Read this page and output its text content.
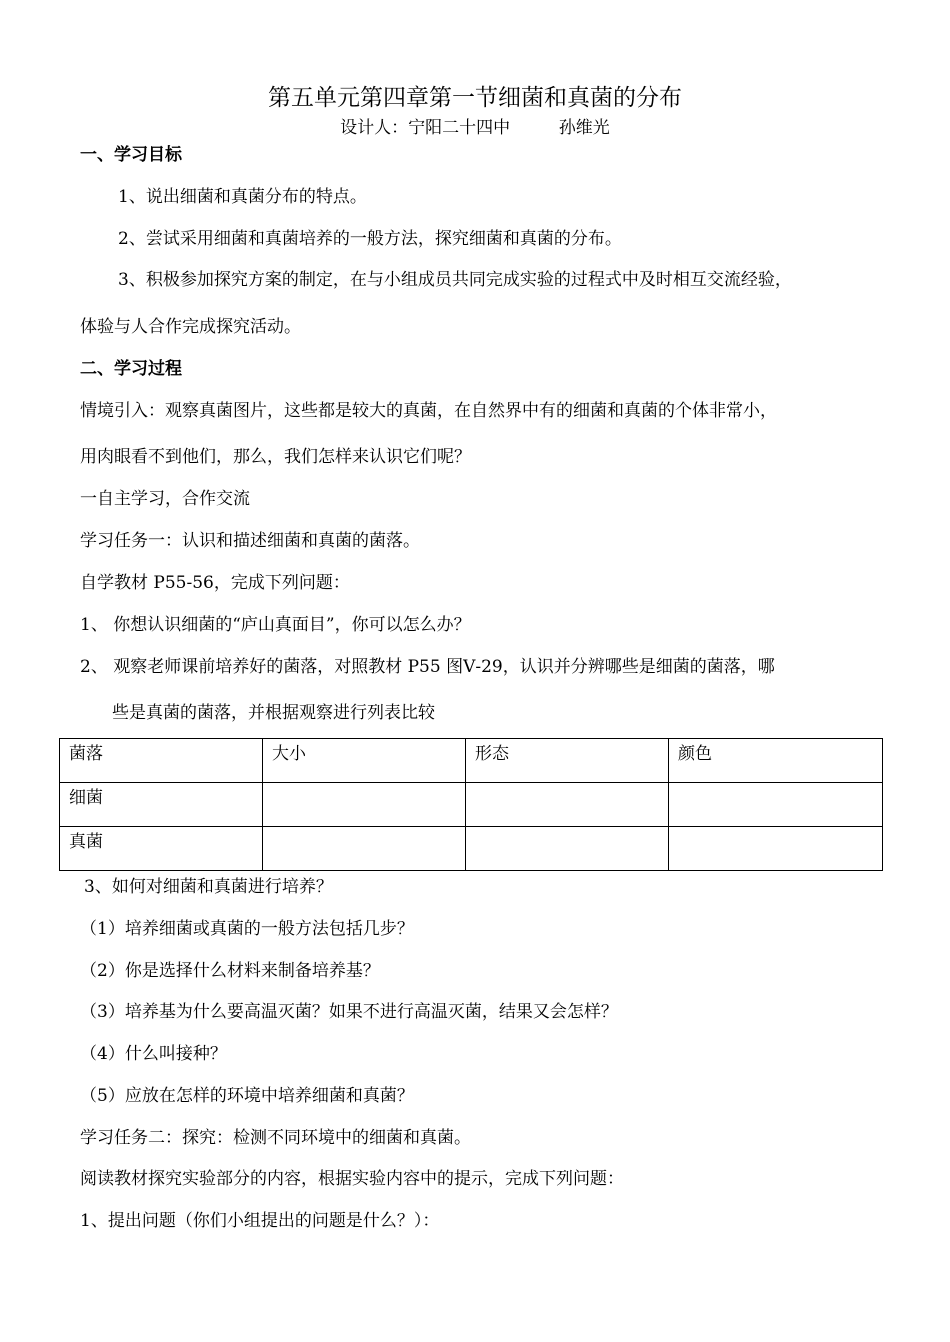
第五单元第四章第一节细菌和真菌的分布
设计人：宁阳二十四中         孙维光
一、学习目标
1、说出细菌和真菌分布的特点。
2、尝试采用细菌和真菌培养的一般方法，探究细菌和真菌的分布。
3、积极参加探究方案的制定，在与小组成员共同完成实验的过程式中及时相互交流经验，
体验与人合作完成探究活动。
二、学习过程
情境引入：观察真菌图片，这些都是较大的真菌，在自然界中有的细菌和真菌的个体非常小，
用肉眼看不到他们，那么，我们怎样来认识它们呢？
一自主学习，合作交流
学习任务一：认识和描述细菌和真菌的菌落。
自学教材 P55-56，完成下列问题：
1、 你想认识细菌的“庐山真面目”，你可以怎么办？
2、 观察老师课前培养好的菌落，对照教材 P55 图Ⅴ-29，认识并分辨哪些是细菌的菌落，哪
些是真菌的菌落，并根据观察进行列表比较
菌落	大小	形态	颜色

细菌			

真菌			

3、如何对细菌和真菌进行培养？
（1）培养细菌或真菌的一般方法包括几步？
（2）你是选择什么材料来制备培养基？
（3）培养基为什么要高温灭菌？如果不进行高温灭菌，结果又会怎样？
（4）什么叫接种？
（5）应放在怎样的环境中培养细菌和真菌？
学习任务二：探究：检测不同环境中的细菌和真菌。
阅读教材探究实验部分的内容，根据实验内容中的提示，完成下列问题：
1、提出问题（你们小组提出的问题是什么？）：
